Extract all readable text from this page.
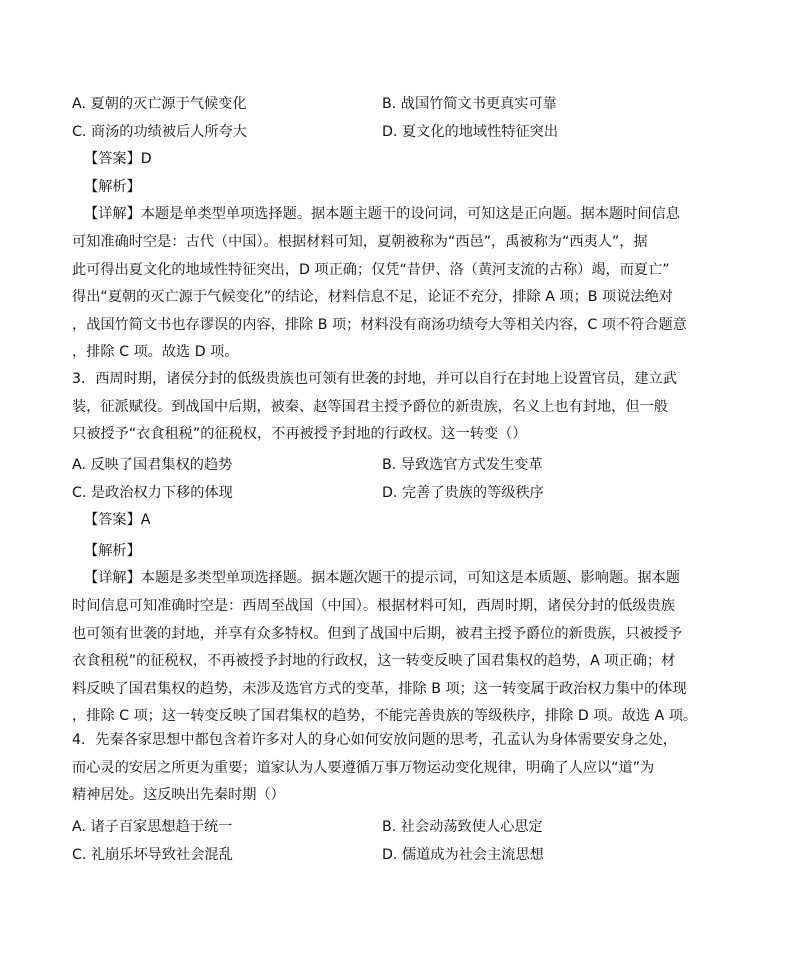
A. 夏朝的灭亡源于气候变化	B. 战国竹简文书更真实可靠
C. 商汤的功绩被后人所夸大	D. 夏文化的地域性特征突出
【答案】D
【解析】
【详解】本题是单类型单项选择题。据本题主题干的设问词，可知这是正向题。据本题时间信息
可知准确时空是：古代（中国）。根据材料可知，夏朝被称为“西邑”，禹被称为“西夷人”，据
此可得出夏文化的地域性特征突出，D 项正确；仅凭“昔伊、洛（黄河支流的古称）竭，而夏亡”
得出“夏朝的灭亡源于气候变化”的结论，材料信息不足，论证不充分，排除 A 项；B 项说法绝对
，战国竹简文书也存谬误的内容，排除 B 项；材料没有商汤功绩夸大等相关内容，C 项不符合题意
，排除 C 项。故选 D 项。
3．西周时期，诸侯分封的低级贵族也可领有世袭的封地，并可以自行在封地上设置官员，建立武
装，征派赋役。到战国中后期，被秦、赵等国君主授予爵位的新贵族，名义上也有封地，但一般
只被授予“衣食租税”的征税权，不再被授予封地的行政权。这一转变（）
A. 反映了国君集权的趋势	B. 导致选官方式发生变革
C. 是政治权力下移的体现	D. 完善了贵族的等级秩序
【答案】A
【解析】
【详解】本题是多类型单项选择题。据本题次题干的提示词，可知这是本质题、影响题。据本题
时间信息可知准确时空是：西周至战国（中国）。根据材料可知，西周时期，诸侯分封的低级贵族
也可领有世袭的封地，并享有众多特权。但到了战国中后期，被君主授予爵位的新贵族，只被授予
衣食租税”的征税权，不再被授予封地的行政权，这一转变反映了国君集权的趋势，A 项正确；材
料反映了国君集权的趋势，未涉及选官方式的变革，排除 B 项；这一转变属于政治权力集中的体现
，排除 C 项；这一转变反映了国君集权的趋势，不能完善贵族的等级秩序，排除 D 项。故选 A 项。
4．先秦各家思想中都包含着许多对人的身心如何安放问题的思考，孔孟认为身体需要安身之处，
而心灵的安居之所更为重要；道家认为人要遵循万事万物运动变化规律，明确了人应以“道”为
精神居处。这反映出先秦时期（）
A. 诸子百家思想趋于统一	B. 社会动荡致使人心思定
C. 礼崩乐坏导致社会混乱	D. 儒道成为社会主流思想
